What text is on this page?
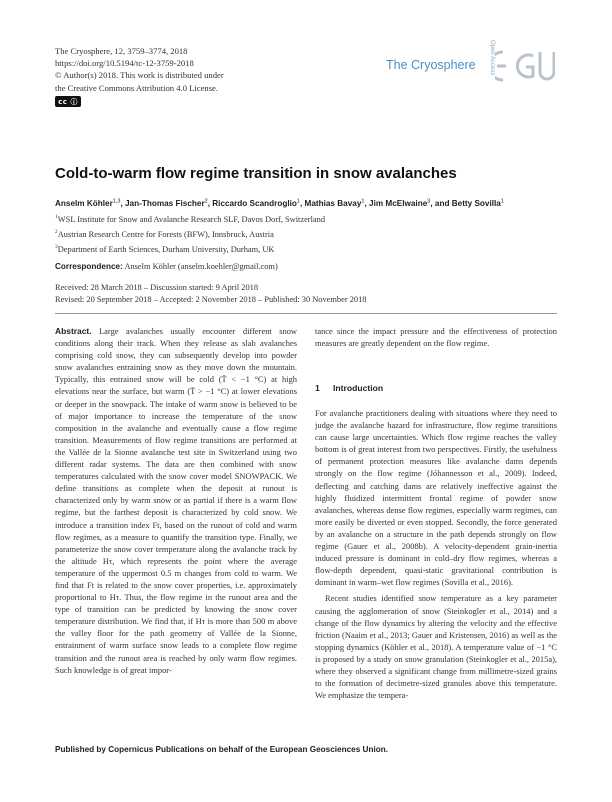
The Cryosphere, 12, 3759–3774, 2018
https://doi.org/10.5194/tc-12-3759-2018
© Author(s) 2018. This work is distributed under
the Creative Commons Attribution 4.0 License.
cc ⓘ
The Cryosphere Open Access
Cold-to-warm flow regime transition in snow avalanches
Anselm Köhler$^{1,3}$, Jan-Thomas Fischer$^2$, Riccardo Scandroglio$^1$, Mathias Bavay$^1$, Jim McElwaine$^3$, and Betty Sovilla$^1$
$^1$WSL Institute for Snow and Avalanche Research SLF, Davos Dorf, Switzerland
$^2$Austrian Research Centre for Forests (BFW), Innsbruck, Austria
$^3$Department of Earth Sciences, Durham University, Durham, UK
Correspondence: Anselm Köhler (anselm.koehler@gmail.com)
Received: 28 March 2018 – Discussion started: 9 April 2018
Revised: 20 September 2018 – Accepted: 2 November 2018 – Published: 30 November 2018
Abstract. Large avalanches usually encounter different snow conditions along their track. When they release as slab avalanches comprising cold snow, they can subsequently develop into powder snow avalanches entraining snow as they move down the mountain. Typically, this entrained snow will be cold (T̄ < −1 °C) at high elevations near the surface, but warm (T̄ > −1 °C) at lower elevations or deeper in the snowpack. The intake of warm snow is believed to be of major importance to increase the temperature of the snow composition in the avalanche and eventually cause a flow regime transition. Measurements of flow regime transitions are performed at the Vallée de la Sionne avalanche test site in Switzerland using two different radar systems. The data are then combined with snow temperatures calculated with the snow cover model SNOWPACK. We define transitions as complete when the deposit at runout is characterized only by warm snow or as partial if there is a warm flow regime, but the farthest deposit is characterized by cold snow. We introduce a transition index Ft, based on the runout of cold and warm flow regimes, as a measure to quantify the transition type. Finally, we parameterize the snow cover temperature along the avalanche track by the altitude Hτ, which represents the point where the average temperature of the uppermost 0.5 m changes from cold to warm. We find that Ft is related to the snow cover properties, i.e. approximately proportional to Hτ. Thus, the flow regime in the runout area and the type of transition can be predicted by knowing the snow cover temperature distribution. We find that, if Hτ is more than 500 m above the valley floor for the path geometry of Vallée de la Sionne, entrainment of warm surface snow leads to a complete flow regime transition and the runout area is reached by only warm flow regimes. Such knowledge is of great impor-
tance since the impact pressure and the effectiveness of protection measures are greatly dependent on the flow regime.
1 Introduction

For avalanche practitioners dealing with situations where they need to judge the avalanche hazard for infrastructure, flow regime transitions can cause large uncertainties. Which flow regime reaches the valley bottom is of great interest from two perspectives. Firstly, the usefulness of permanent protection measures like avalanche dams depends strongly on the flow regime (Jóhannesson et al., 2009). Indeed, deflecting and catching dams are relatively ineffective against the highly fluidized intermittent frontal regime of powder snow avalanches, whereas dense flow regimes, especially warm regimes, can more easily be diverted or even stopped. Secondly, the force generated by an avalanche on a structure in the path depends strongly on flow regime (Gauer et al., 2008b). A velocity-dependent grain-inertia induced pressure is dominant in cold–dry flow regimes, whereas a flow-depth dependent, quasi-static gravitational contribution is dominant in warm–wet flow regimes (Sovilla et al., 2016).

Recent studies identified snow temperature as a key parameter causing the agglomeration of snow (Steinkogler et al., 2014) and a change of the flow dynamics by altering the velocity and the effective friction (Naaim et al., 2013; Gauer and Kristensen, 2016) as well as the stopping dynamics (Köhler et al., 2018). A temperature value of −1 °C is proposed by a study on snow granulation (Steinkogler et al., 2015a), where they observed a significant change from millimetre-sized grains to the formation of decimetre-sized granules above this temperature. We emphasize the tempera-

Published by Copernicus Publications on behalf of the European Geosciences Union.
